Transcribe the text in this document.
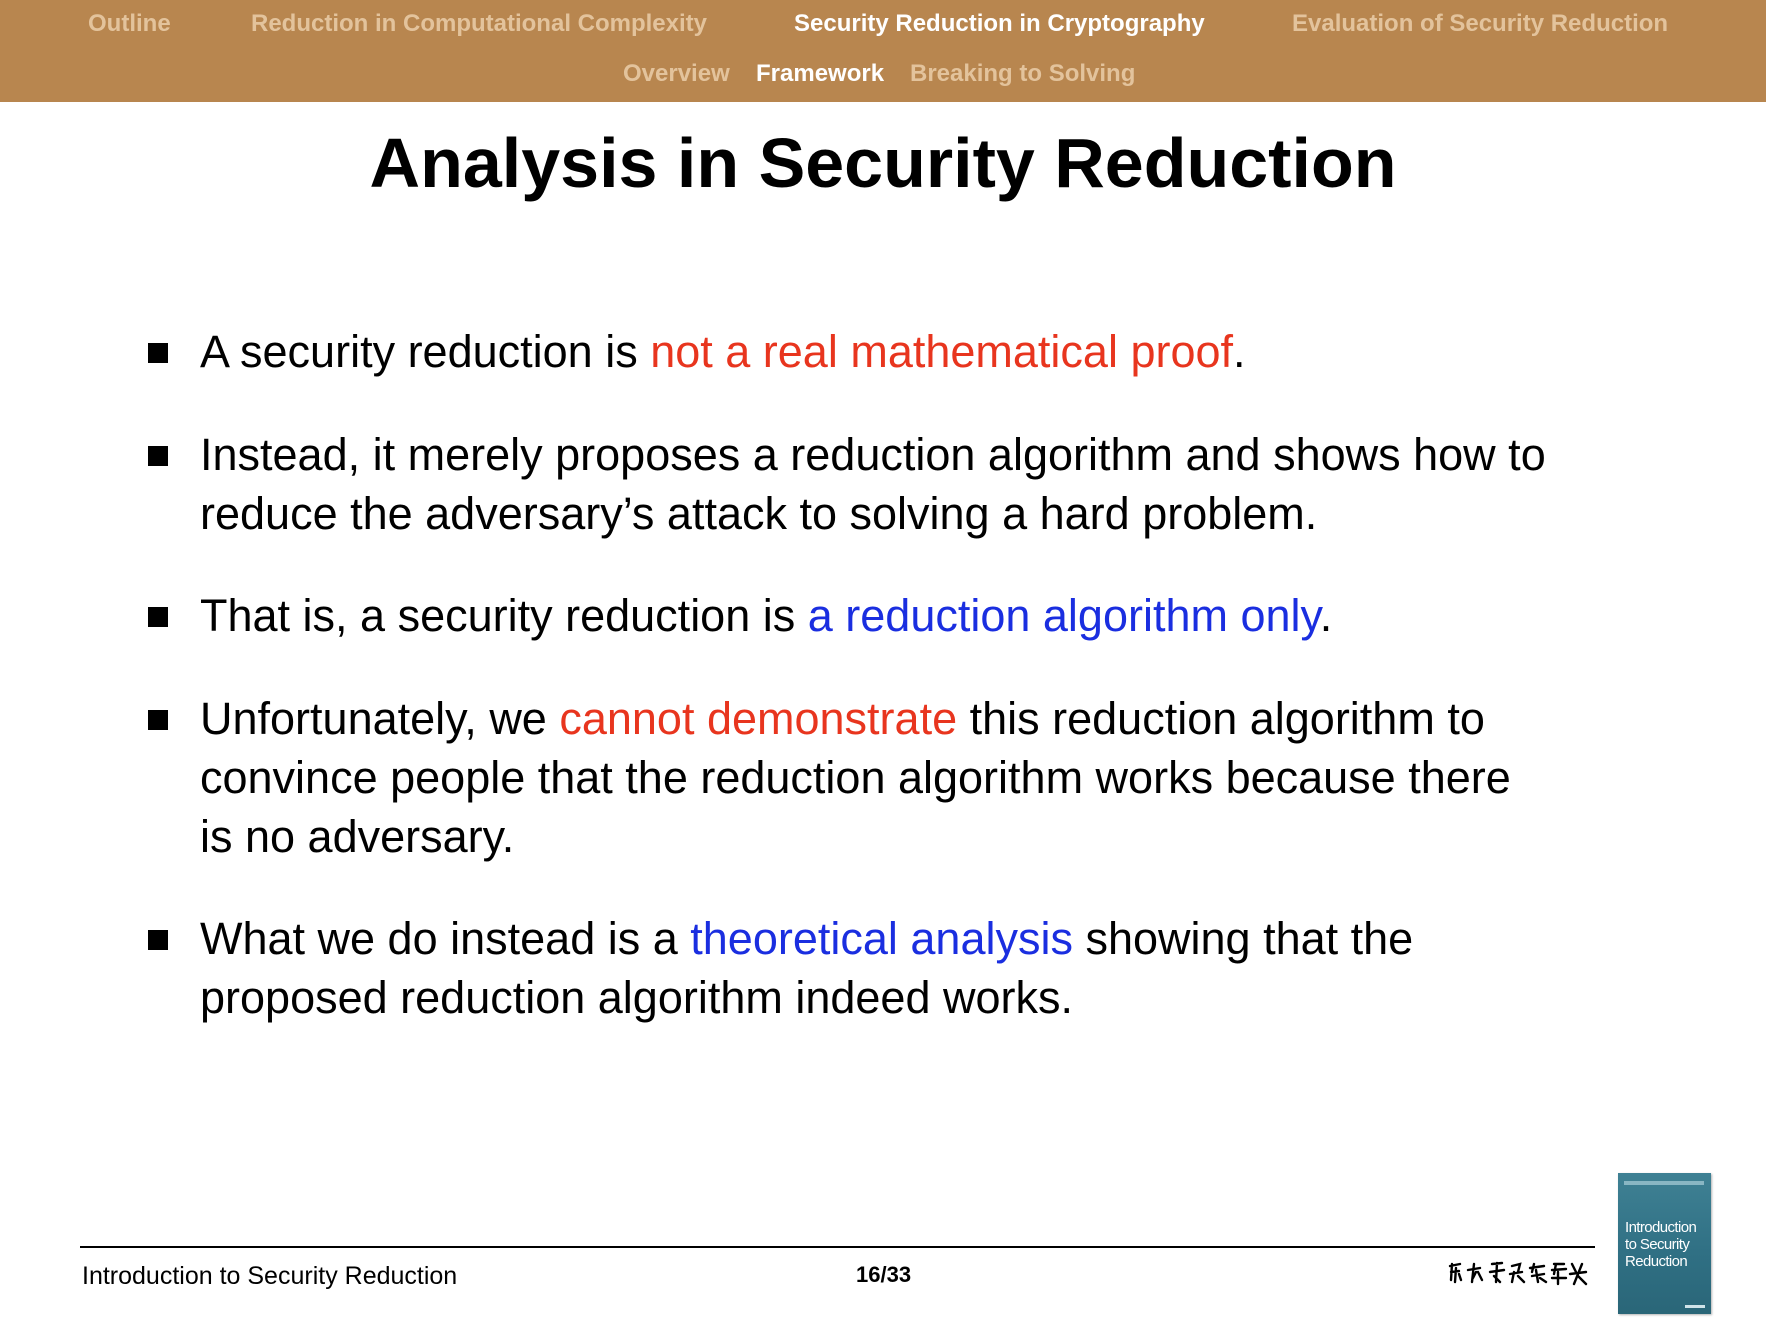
Outline	Reduction in Computational Complexity	Security Reduction in Cryptography	Evaluation of Security Reduction
Overview Framework Breaking to Solving
Analysis in Security Reduction
A security reduction is not a real mathematical proof.
Instead, it merely proposes a reduction algorithm and shows how to
reduce the adversary’s attack to solving a hard problem.
That is, a security reduction is a reduction algorithm only.
Unfortunately, we cannot demonstrate this reduction algorithm to
convince people that the reduction algorithm works because there
is no adversary.
What we do instead is a theoretical analysis showing that the
proposed reduction algorithm indeed works.
Introduction to Security Reduction	16/33
Introduction
to Security
Reduction
